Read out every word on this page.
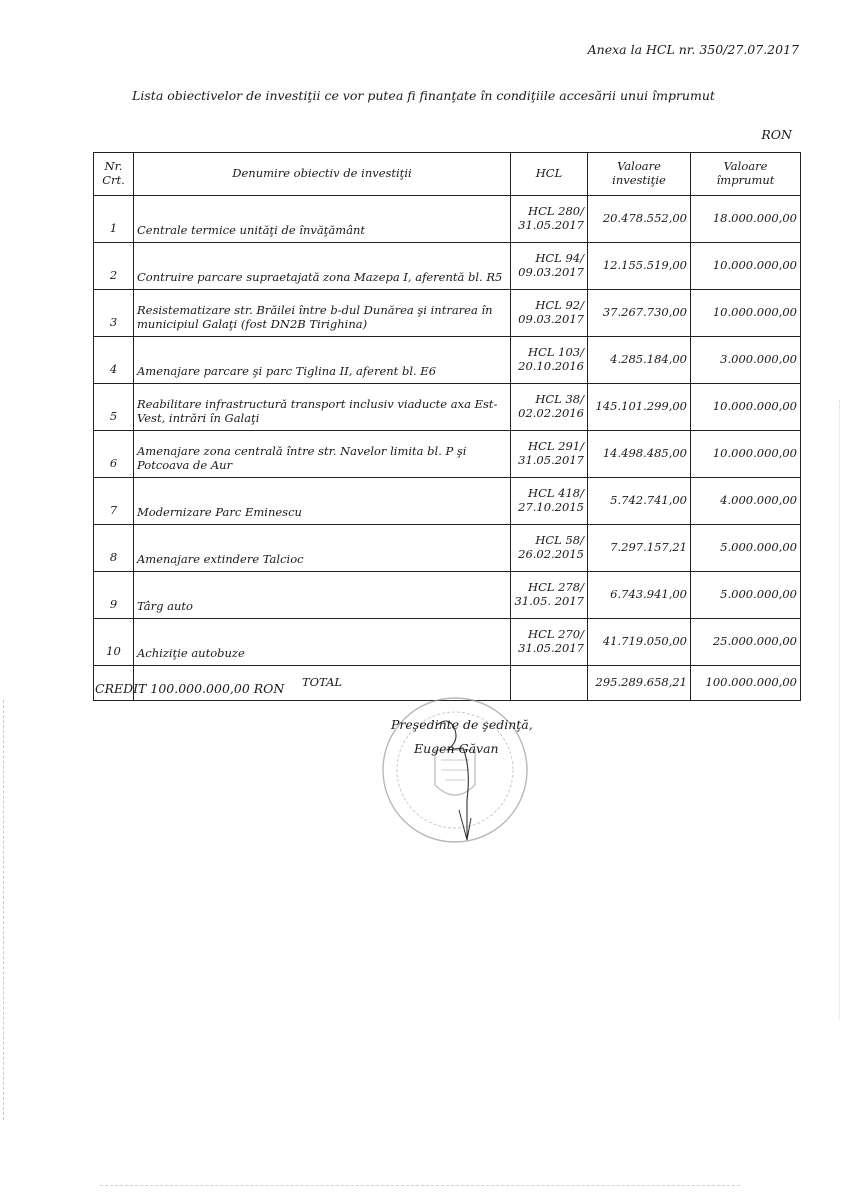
Anexa la HCL nr. 350/27.07.2017
Lista obiectivelor de investiţii ce vor putea fi finanţate în condiţiile accesării unui împrumut
RON
Nr. Crt.	Denumire obiectiv de investiţii	HCL	Valoare investiţie	Valoare împrumut
1	Centrale termice unităţi de învăţământ	HCL 280/ 31.05.2017	20.478.552,00	18.000.000,00
2	Contruire parcare supraetajată zona Mazepa I, aferentă bl. R5	HCL 94/ 09.03.2017	12.155.519,00	10.000.000,00
3	Resistematizare str. Brăilei între b-dul Dunărea şi intrarea în municipiul Galaţi (fost DN2B Tirighina)	HCL 92/ 09.03.2017	37.267.730,00	10.000.000,00
4	Amenajare parcare şi parc Tiglina II, aferent bl. E6	HCL 103/ 20.10.2016	4.285.184,00	3.000.000,00
5	Reabilitare infrastructură transport inclusiv viaducte axa Est-Vest, intrări în Galaţi	HCL 38/ 02.02.2016	145.101.299,00	10.000.000,00
6	Amenajare zona centrală între str. Navelor limita bl. P şi Potcoava de Aur	HCL 291/ 31.05.2017	14.498.485,00	10.000.000,00
7	Modernizare Parc Eminescu	HCL 418/ 27.10.2015	5.742.741,00	4.000.000,00
8	Amenajare extindere Talcioc	HCL 58/ 26.02.2015	7.297.157,21	5.000.000,00
9	Târg auto	HCL 278/ 31.05. 2017	6.743.941,00	5.000.000,00
10	Achiziţie autobuze	HCL 270/ 31.05.2017	41.719.050,00	25.000.000,00
	TOTAL		295.289.658,21	100.000.000,00
CREDIT 100.000.000,00 RON
Preşedinte de şedinţă,
Eugen Găvan
